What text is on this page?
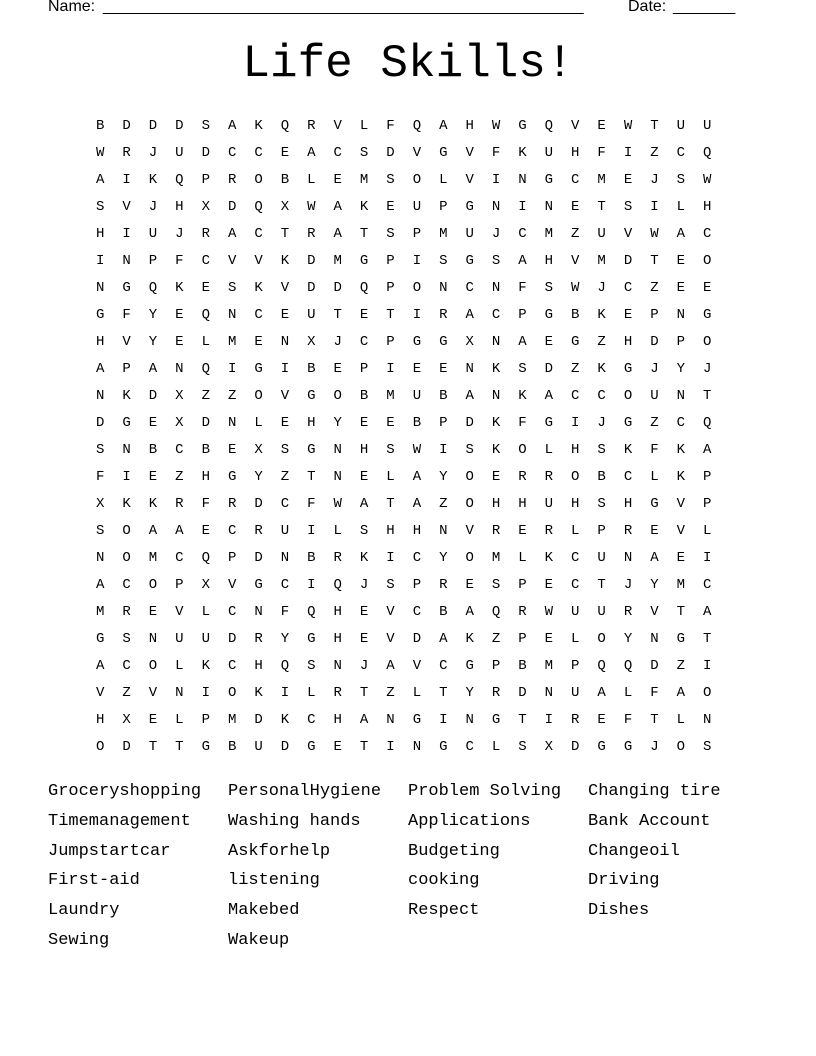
Name: ______________________________________________________	Date: _______
Life Skills!
B	D	D	D	S	A	K	Q	R	V	L	F	Q	A	H	W	G	Q	V	E	W	T	U	U
W	R	J	U	D	C	C	E	A	C	S	D	V	G	V	F	K	U	H	F	I	Z	C	Q
A	I	K	Q	P	R	O	B	L	E	M	S	O	L	V	I	N	G	C	M	E	J	S	W
S	V	J	H	X	D	Q	X	W	A	K	E	U	P	G	N	I	N	E	T	S	I	L	H
H	I	U	J	R	A	C	T	R	A	T	S	P	M	U	J	C	M	Z	U	V	W	A	C
I	N	P	F	C	V	V	K	D	M	G	P	I	S	G	S	A	H	V	M	D	T	E	O
N	G	Q	K	E	S	K	V	D	D	Q	P	O	N	C	N	F	S	W	J	C	Z	E	E
G	F	Y	E	Q	N	C	E	U	T	E	T	I	R	A	C	P	G	B	K	E	P	N	G
H	V	Y	E	L	M	E	N	X	J	C	P	G	G	X	N	A	E	G	Z	H	D	P	O
A	P	A	N	Q	I	G	I	B	E	P	I	E	E	N	K	S	D	Z	K	G	J	Y	J
N	K	D	X	Z	Z	O	V	G	O	B	M	U	B	A	N	K	A	C	C	O	U	N	T
D	G	E	X	D	N	L	E	H	Y	E	E	B	P	D	K	F	G	I	J	G	Z	C	Q
S	N	B	C	B	E	X	S	G	N	H	S	W	I	S	K	O	L	H	S	K	F	K	A
F	I	E	Z	H	G	Y	Z	T	N	E	L	A	Y	O	E	R	R	O	B	C	L	K	P
X	K	K	R	F	R	D	C	F	W	A	T	A	Z	O	H	H	U	H	S	H	G	V	P
S	O	A	A	E	C	R	U	I	L	S	H	H	N	V	R	E	R	L	P	R	E	V	L
N	O	M	C	Q	P	D	N	B	R	K	I	C	Y	O	M	L	K	C	U	N	A	E	I
A	C	O	P	X	V	G	C	I	Q	J	S	P	R	E	S	P	E	C	T	J	Y	M	C
M	R	E	V	L	C	N	F	Q	H	E	V	C	B	A	Q	R	W	U	U	R	V	T	A
G	S	N	U	U	D	R	Y	G	H	E	V	D	A	K	Z	P	E	L	O	Y	N	G	T
A	C	O	L	K	C	H	Q	S	N	J	A	V	C	G	P	B	M	P	Q	Q	D	Z	I
V	Z	V	N	I	O	K	I	L	R	T	Z	L	T	Y	R	D	N	U	A	L	F	A	O
H	X	E	L	P	M	D	K	C	H	A	N	G	I	N	G	T	I	R	E	F	T	L	N
O	D	T	T	G	B	U	D	G	E	T	I	N	G	C	L	S	X	D	G	G	J	O	S
Groceryshopping	PersonalHygiene	Problem Solving	Changing tire
Timemanagement	Washing hands	Applications	Bank Account
Jumpstartcar	Askforhelp	Budgeting	Changeoil
First-aid	listening	cooking	Driving
Laundry	Makebed	Respect	Dishes
Sewing	Wakeup
